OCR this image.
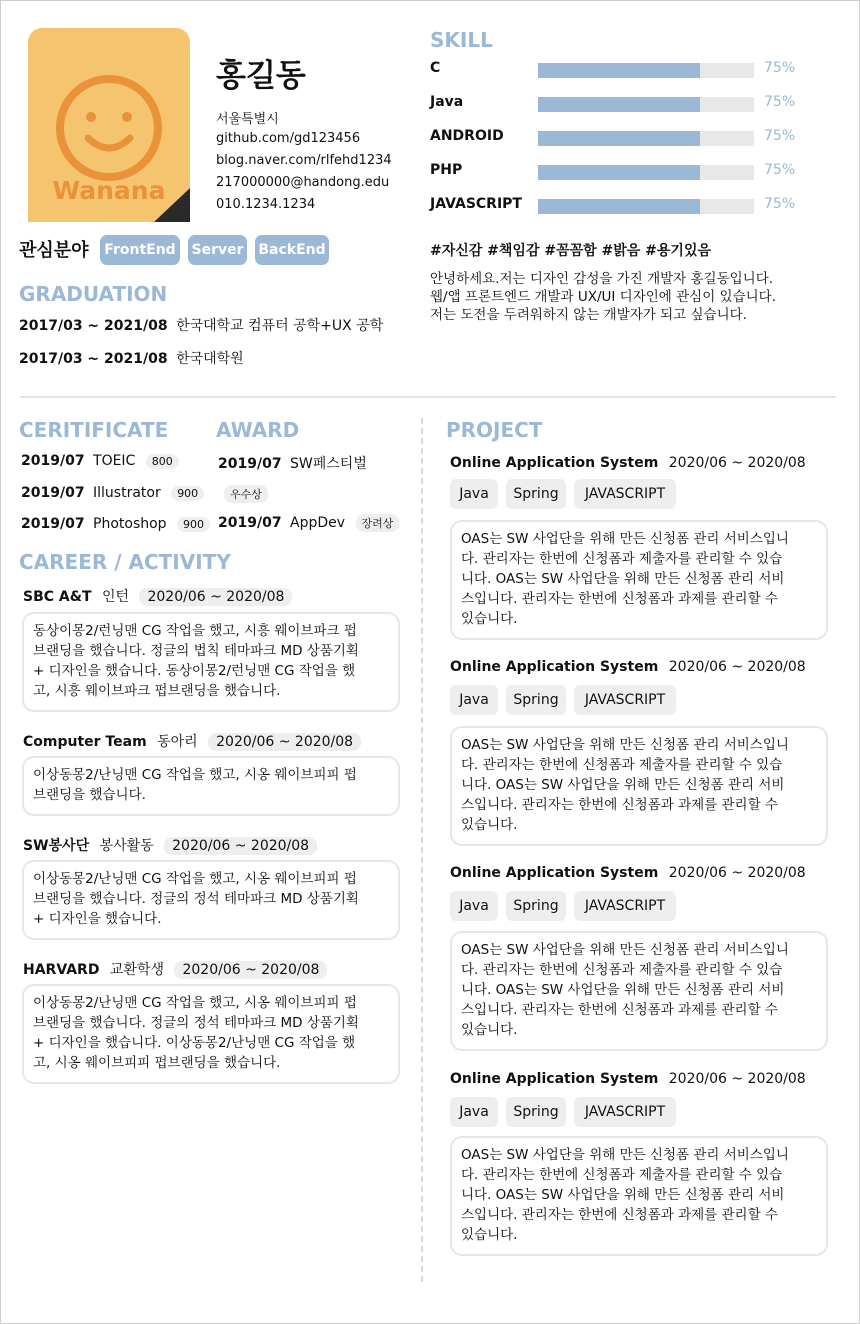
Wanana
홍길동
서울특별시
github.com/gd123456
blog.naver.com/rlfehd1234
217000000@handong.edu
010.1234.1234
관심분야	FrontEnd	Server BackEnd
GRADUATION
2017/03 ~ 2021/08 한국대학교 컴퓨터 공학+UX 공학
2017/03 ~ 2021/08 한국대학원
SKILL
C	75%
Java	75%
ANDROID	75%
PHP	75%
JAVASCRIPT	75%
#자신감 #책임감 #꼼꼼함 #밝음 #용기있음
안녕하세요.저는 디자인 감성을 가진 개발자 홍길동입니다.
웹/앱 프론트엔드 개발과 UX/UI 디자인에 관심이 있습니다.
저는 도전을 두려워하지 않는 개발자가 되고 싶습니다.
CERITIFICATE
2019/07 TOEIC 800
2019/07 Illustrator 900
2019/07 Photoshop 900
AWARD
2019/07 SW페스티벌
우수상
2019/07 AppDev 장려상
CAREER / ACTIVITY
SBC A&T 인턴 2020/06 ~ 2020/08
동상이몽2/런닝맨 CG 작업을 했고, 시흥 웨이브파크 펍
브랜딩을 했습니다. 정글의 법칙 테마파크 MD 상품기획
+ 디자인을 했습니다. 동상이몽2/런닝맨 CG 작업을 했
고, 시흥 웨이브파크 펍브랜딩을 했습니다.
Computer Team 동아리 2020/06 ~ 2020/08
이상동몽2/난닝맨 CG 작업을 했고, 시옹 웨이브피피 펍
브랜딩을 했습니다.
SW봉사단 봉사활동 2020/06 ~ 2020/08
이상동몽2/난닝맨 CG 작업을 했고, 시옹 웨이브피피 펍
브랜딩을 했습니다. 정글의 정석 테마파크 MD 상품기획
+ 디자인을 했습니다.
HARVARD 교환학생 2020/06 ~ 2020/08
이상동몽2/난닝맨 CG 작업을 했고, 시옹 웨이브피피 펍
브랜딩을 했습니다. 정글의 정석 테마파크 MD 상품기획
+ 디자인을 했습니다. 이상동몽2/난닝맨 CG 작업을 했
고, 시옹 웨이브피피 펍브랜딩을 했습니다.
PROJECT
Online Application System 2020/06 ~ 2020/08
Java	Spring	JAVASCRIPT
OAS는 SW 사업단을 위해 만든 신청폼 관리 서비스입니
다. 관리자는 한번에 신청폼과 제출자를 관리할 수 있습
니다. OAS는 SW 사업단을 위해 만든 신청폼 관리 서비
스입니다. 관리자는 한번에 신청폼과 과제를 관리할 수
있습니다.
Online Application System 2020/06 ~ 2020/08
Java	Spring	JAVASCRIPT
OAS는 SW 사업단을 위해 만든 신청폼 관리 서비스입니
다. 관리자는 한번에 신청폼과 제출자를 관리할 수 있습
니다. OAS는 SW 사업단을 위해 만든 신청폼 관리 서비
스입니다. 관리자는 한번에 신청폼과 과제를 관리할 수
있습니다.
Online Application System 2020/06 ~ 2020/08
Java	Spring	JAVASCRIPT
OAS는 SW 사업단을 위해 만든 신청폼 관리 서비스입니
다. 관리자는 한번에 신청폼과 제출자를 관리할 수 있습
니다. OAS는 SW 사업단을 위해 만든 신청폼 관리 서비
스입니다. 관리자는 한번에 신청폼과 과제를 관리할 수
있습니다.
Online Application System 2020/06 ~ 2020/08
Java	Spring	JAVASCRIPT
OAS는 SW 사업단을 위해 만든 신청폼 관리 서비스입니
다. 관리자는 한번에 신청폼과 제출자를 관리할 수 있습
니다. OAS는 SW 사업단을 위해 만든 신청폼 관리 서비
스입니다. 관리자는 한번에 신청폼과 과제를 관리할 수
있습니다.
